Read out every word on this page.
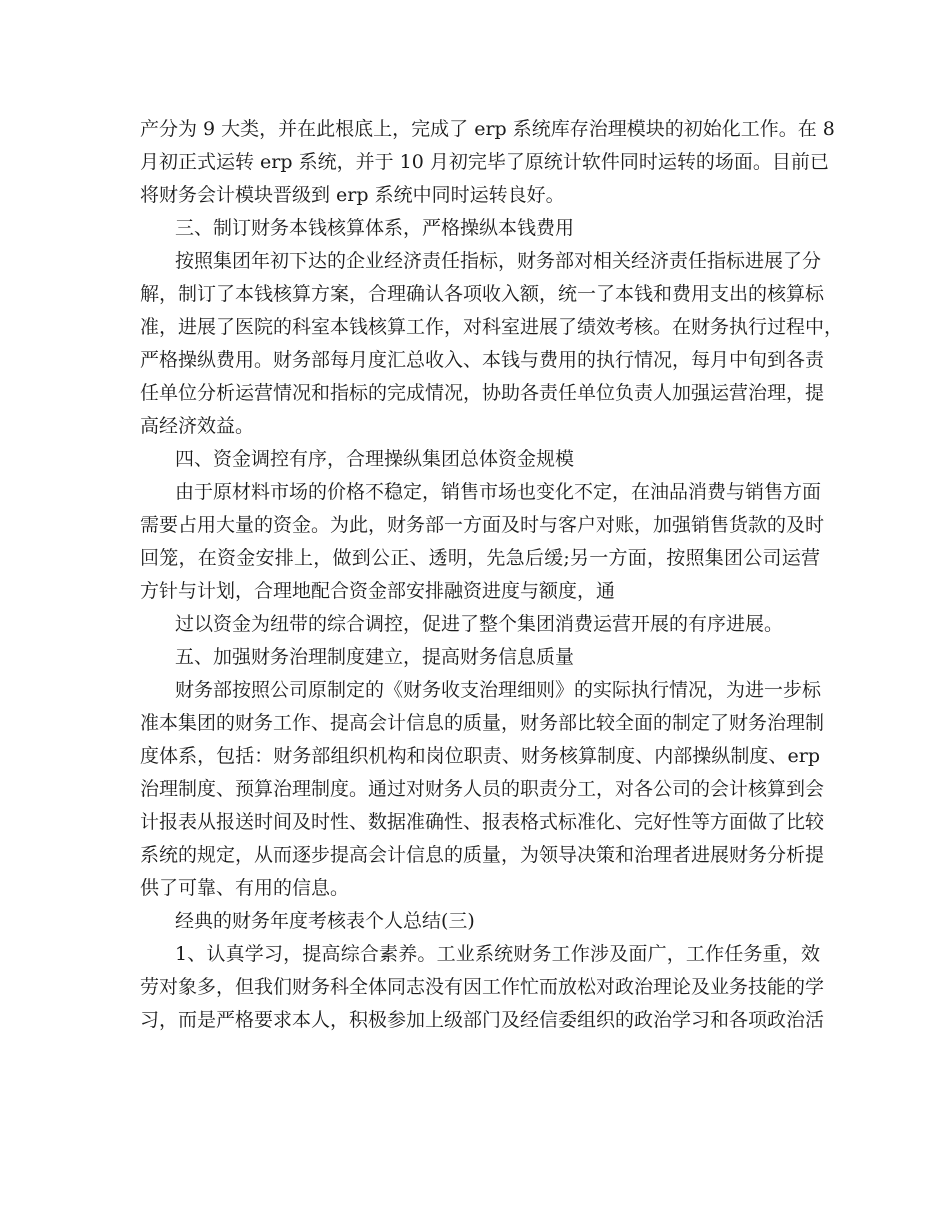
产分为 9 大类，并在此根底上，完成了 erp 系统库存治理模块的初始化工作。在 8
月初正式运转 erp 系统，并于 10 月初完毕了原统计软件同时运转的场面。目前已
将财务会计模块晋级到 erp 系统中同时运转良好。
三、制订财务本钱核算体系，严格操纵本钱费用
按照集团年初下达的企业经济责任指标，财务部对相关经济责任指标进展了分
解，制订了本钱核算方案，合理确认各项收入额，统一了本钱和费用支出的核算标
准，进展了医院的科室本钱核算工作，对科室进展了绩效考核。在财务执行过程中，
严格操纵费用。财务部每月度汇总收入、本钱与费用的执行情况，每月中旬到各责
任单位分析运营情况和指标的完成情况，协助各责任单位负责人加强运营治理，提
高经济效益。
四、资金调控有序，合理操纵集团总体资金规模
由于原材料市场的价格不稳定，销售市场也变化不定，在油品消费与销售方面
需要占用大量的资金。为此，财务部一方面及时与客户对账，加强销售货款的及时
回笼，在资金安排上，做到公正、透明，先急后缓;另一方面，按照集团公司运营
方针与计划，合理地配合资金部安排融资进度与额度，通
过以资金为纽带的综合调控，促进了整个集团消费运营开展的有序进展。
五、加强财务治理制度建立，提高财务信息质量
财务部按照公司原制定的《财务收支治理细则》的实际执行情况，为进一步标
准本集团的财务工作、提高会计信息的质量，财务部比较全面的制定了财务治理制
度体系，包括：财务部组织机构和岗位职责、财务核算制度、内部操纵制度、erp
治理制度、预算治理制度。通过对财务人员的职责分工，对各公司的会计核算到会
计报表从报送时间及时性、数据准确性、报表格式标准化、完好性等方面做了比较
系统的规定，从而逐步提高会计信息的质量，为领导决策和治理者进展财务分析提
供了可靠、有用的信息。
经典的财务年度考核表个人总结(三)
1、认真学习，提高综合素养。工业系统财务工作涉及面广，工作任务重，效
劳对象多，但我们财务科全体同志没有因工作忙而放松对政治理论及业务技能的学
习，而是严格要求本人，积极参加上级部门及经信委组织的政治学习和各项政治活
